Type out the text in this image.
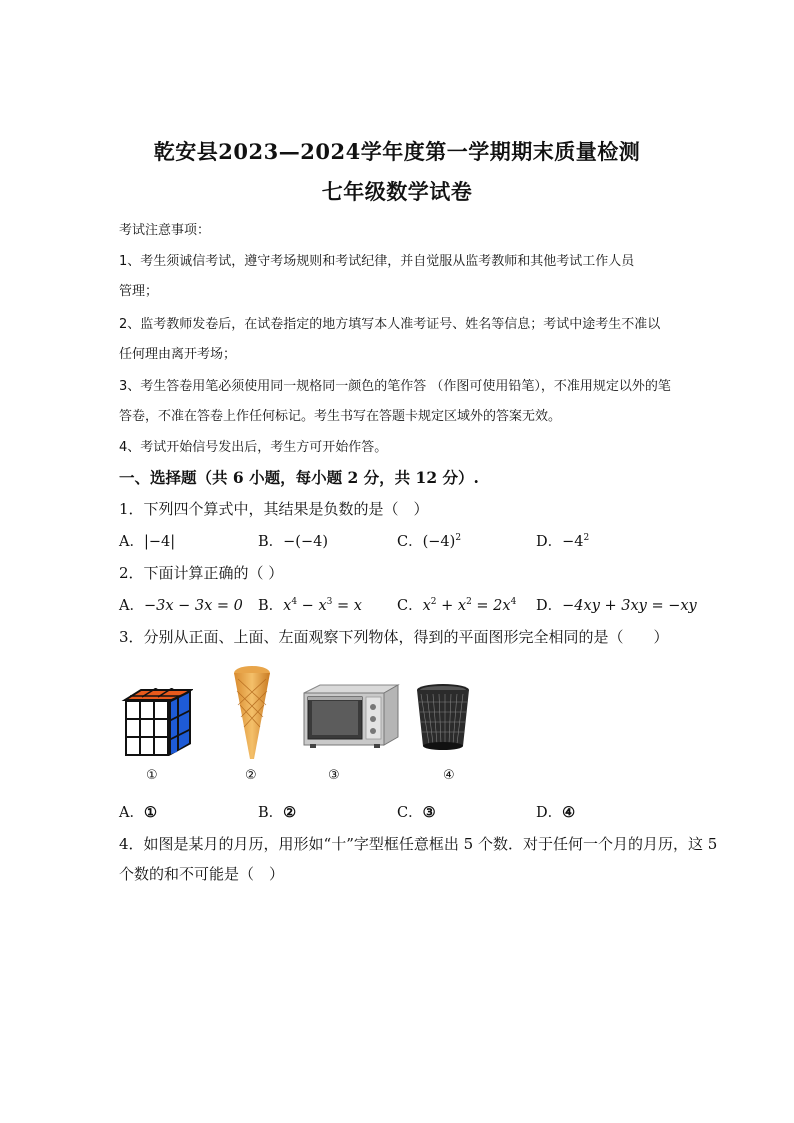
乾安县2023—2024学年度第一学期期末质量检测
七年级数学试卷
考试注意事项：
1、考生须诚信考试，遵守考场规则和考试纪律，并自觉服从监考教师和其他考试工作人员
管理；
2、监考教师发卷后，在试卷指定的地方填写本人准考证号、姓名等信息；考试中途考生不准以
任何理由离开考场；
3、考生答卷用笔必须使用同一规格同一颜色的笔作答 （作图可使用铅笔），不准用规定以外的笔
答卷，不准在答卷上作任何标记。考生书写在答题卡规定区域外的答案无效。
4、考试开始信号发出后，考生方可开始作答。
一、选择题（共 6 小题，每小题 2 分，共 12 分）.
1．下列四个算式中，其结果是负数的是（　）
A．|−4|	B．−(−4)	C．$(-4)^2$	D．$-4^2$
2．下面计算正确的（ ）
A．−3x − 3x = 0 B．$x^4 - x^3 = x$ C．$x^2 + x^2 = 2x^4$ D．−4xy + 3xy = −xy
3．分别从正面、上面、左面观察下列物体，得到的平面图形完全相同的是（　　）
①	②	③	④
A．①	B．②	C．③	D．④
4．如图是某月的月历，用形如“十”字型框任意框出 5 个数．对于任何一个月的月历，这 5
个数的和不可能是（　）
